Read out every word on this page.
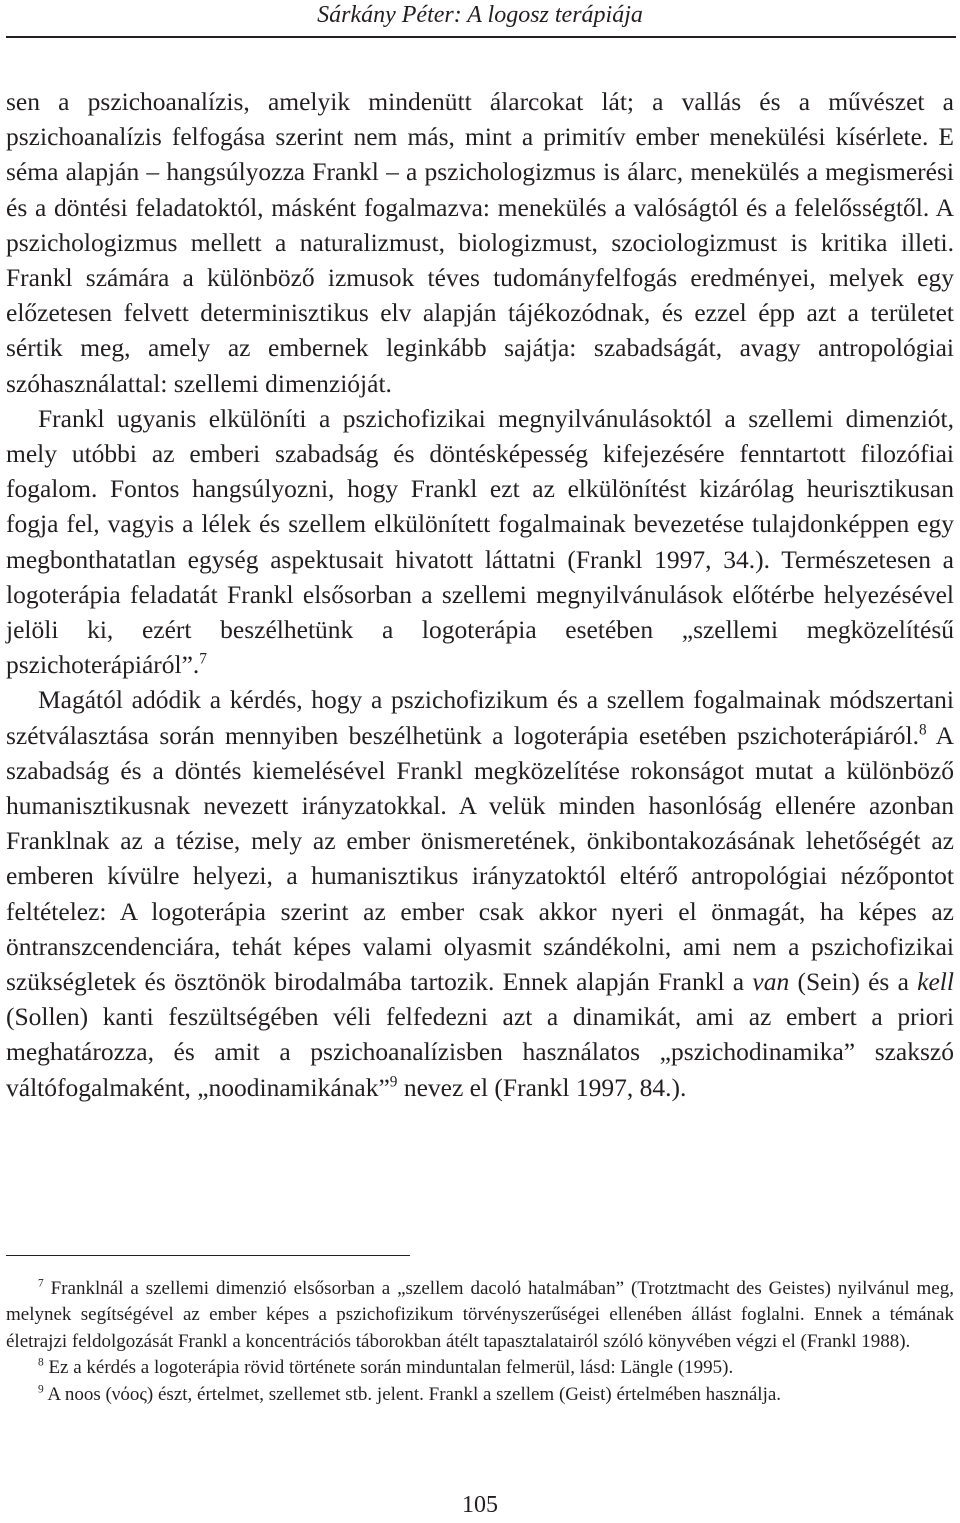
Sárkány Péter: A logosz terápiája

sen a pszichoanalízis, amelyik mindenütt álarcokat lát; a vallás és a művészet a pszichoanalízis felfogása szerint nem más, mint a primitív ember menekülési kísérlete. E séma alapján – hangsúlyozza Frankl – a pszichologizmus is álarc, menekülés a megismerési és a döntési feladatoktól, másként fogalmazva: menekülés a valóságtól és a felelősségtől. A pszichologizmus mellett a naturalizmust, biologizmust, szociologizmust is kritika illeti. Frankl számára a különböző izmusok téves tudományfelfogás eredményei, melyek egy előzetesen felvett determinisztikus elv alapján tájékozódnak, és ezzel épp azt a területet sértik meg, amely az embernek leginkább sajátja: szabadságát, avagy antropológiai szóhasználattal: szellemi dimenzióját.

Frankl ugyanis elkülöníti a pszichofizikai megnyilvánulásoktól a szellemi dimenziót, mely utóbbi az emberi szabadság és döntésképesség kifejezésére fenntartott filozófiai fogalom. Fontos hangsúlyozni, hogy Frankl ezt az elkülönítést kizárólag heurisztikusan fogja fel, vagyis a lélek és szellem elkülönített fogalmainak bevezetése tulajdonképpen egy megbonthatatlan egység aspektusait hivatott láttatni (Frankl 1997, 34.). Természetesen a logoterápia feladatát Frankl elsősorban a szellemi megnyilvánulások előtérbe helyezésével jelöli ki, ezért beszélhetünk a logoterápia esetében „szellemi megközelítésű pszichoterápiáról”.$^7$

Magától adódik a kérdés, hogy a pszichofizikum és a szellem fogalmainak módszertani szétválasztása során mennyiben beszélhetünk a logoterápia esetében pszichoterápiáról.$^8$ A szabadság és a döntés kiemelésével Frankl megközelítése rokonságot mutat a különböző humanisztikusnak nevezett irányzatokkal. A velük minden hasonlóság ellenére azonban Franklnak az a tézise, mely az ember önismeretének, önkibontakozásának lehetőségét az emberen kívülre helyezi, a humanisztikus irányzatoktól eltérő antropológiai nézőpontot feltételez: A logoterápia szerint az ember csak akkor nyeri el önmagát, ha képes az öntranszcendenciára, tehát képes valami olyasmit szándékolni, ami nem a pszichofizikai szükségletek és ösztönök birodalmába tartozik. Ennek alapján Frankl a van (Sein) és a kell (Sollen) kanti feszültségében véli felfedezni azt a dinamikát, ami az embert a priori meghatározza, és amit a pszichoanalízisben használatos „pszichodinamika” szakszó váltófogalmaként, „noodinamikának”$^9$ nevez el (Frankl 1997, 84.).

$^7$ Franklnál a szellemi dimenzió elsősorban a „szellem dacoló hatalmában” (Trotztmacht des Geistes) nyilvánul meg, melynek segítségével az ember képes a pszichofizikum törvényszerűségei ellenében állást foglalni. Ennek a témának életrajzi feldolgozását Frankl a koncentrációs táborokban átélt tapasztalatairól szóló könyvében végzi el (Frankl 1988).

$^8$ Ez a kérdés a logoterápia rövid története során minduntalan felmerül, lásd: Längle (1995).

$^9$ A noos (νόος) észt, értelmet, szellemet stb. jelent. Frankl a szellem (Geist) értelmében használja.

105
